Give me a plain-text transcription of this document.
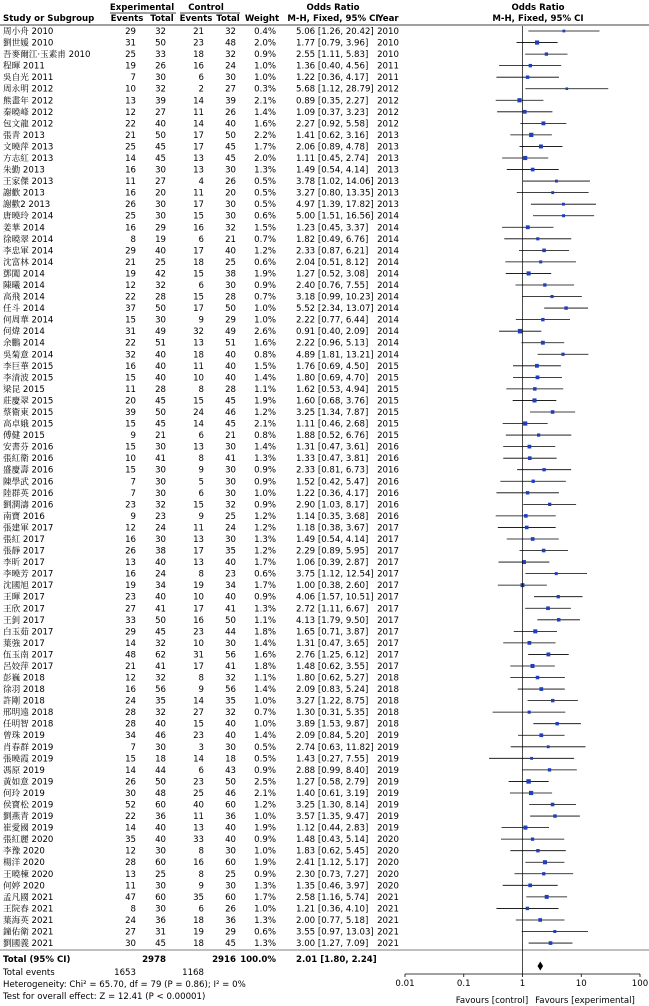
Experimental Control	Odds Ratio	Odds Ratio
Study or Subgroup Events Total Events Total Weight M-H, Fixed, 95% CI
Year	M-H, Fixed, 95% CI
周小舟 2010	29 32	21 32 0.4% 5.06 [1.26, 20.42] 2010
劉世媛 2010	31 50	23 48 2.0% 1.77 [0.79, 3.96] 2010
吾麥爾江·玉素甫 2010	25 33	18 32 0.9% 2.55 [1.11, 5.83] 2010
程暉 2011	19 26	16 24 1.0% 1.36 [0.40, 4.56] 2011
吳自光 2011	7 30	6 30 1.0% 1.22 [0.36, 4.17] 2011
周永明 2012	10 32	2 27 0.3% 5.68 [1.12, 28.79] 2012
熊畫年 2012	13 39	14 39 2.1% 0.89 [0.35, 2.27] 2012
秦曉峰 2012	12 27	11 26 1.4% 1.09 [0.37, 3.23] 2012
包文龍 2012	22 40	14 40 1.6% 2.27 [0.92, 5.58] 2012
張青 2013	21 50	17 50 2.2% 1.41 [0.62, 3.16] 2013
文曉萍 2013	25 45	17 45 1.7% 2.06 [0.89, 4.78] 2013
方志紅 2013	14 45	13 45 2.0% 1.11 [0.45, 2.74] 2013
朱勤 2013	16 30	13 30 1.3% 1.49 [0.54, 4.14] 2013
王家傑 2013	11 27	4 26 0.5% 3.78 [1.02, 14.06] 2013
謝歡 2013	16 20	11 20 0.5% 3.27 [0.80, 13.35] 2013
謝歡2 2013	26 30	17 30 0.5% 4.97 [1.39, 17.82] 2013
唐曉玲 2014	25 30	15 30 0.6% 5.00 [1.51, 16.56] 2014
姜華 2014	16 29	16 32 1.5% 1.23 [0.45, 3.37] 2014
徐曉翠 2014	8 19	6 21 0.7% 1.82 [0.49, 6.76] 2014
李忠軍 2014	29 40	17 40 1.2% 2.33 [0.87, 6.21] 2014
沈富林 2014	21 25	18 25 0.6% 2.04 [0.51, 8.12] 2014
鄧闖 2014	19 42	15 38 1.9% 1.27 [0.52, 3.08] 2014
陳曦 2014	12 32	6 30 0.9% 2.40 [0.76, 7.55] 2014
高飛 2014	22 28	15 28 0.7% 3.18 [0.99, 10.23] 2014
任斗 2014	37 50	17 50 1.0% 5.52 [2.34, 13.07] 2014
何周華 2014	15 30	9 29 1.0% 2.22 [0.77, 6.44] 2014
何煒 2014	31 49	32 49 2.6% 0.91 [0.40, 2.09] 2014
余鵬 2014	22 51	13 51 1.6% 2.22 [0.96, 5.13] 2014
吳菊意 2014	32 40	18 40 0.8% 4.89 [1.81, 13.21] 2014
李巨華 2015	16 40	11 40 1.5% 1.76 [0.69, 4.50] 2015
李清波 2015	15 40	10 40 1.4% 1.80 [0.69, 4.70] 2015
梁昆 2015	11 28	8 28 1.1% 1.62 [0.53, 4.94] 2015
莊慶翠 2015	20 45	15 45 1.9% 1.60 [0.68, 3.76] 2015
蔡衛東 2015	39 50	24 46 1.2% 3.25 [1.34, 7.87] 2015
高卓娥 2015	15 45	14 45 2.1% 1.11 [0.46, 2.68] 2015
傅健 2015	9 21	6 21 0.8% 1.88 [0.52, 6.76] 2015
安書芬 2016	15 30	13 30 1.4% 1.31 [0.47, 3.61] 2016
張紅衛 2016	10 41	8 41 1.3% 1.33 [0.47, 3.81] 2016
盛慶壽 2016	15 30	9 30 0.9% 2.33 [0.81, 6.73] 2016
陳學武 2016	7 30	5 30 0.9% 1.52 [0.42, 5.47] 2016
陸群英 2016	7 30	6 30 1.0% 1.22 [0.36, 4.17] 2016
劉潤濤 2016	23 32	15 32 0.9% 2.90 [1.03, 8.17] 2016
南寶 2016	9 23	9 25 1.2% 1.14 [0.35, 3.68] 2016
張建軍 2017	12 24	11 24 1.2% 1.18 [0.38, 3.67] 2017
張紅 2017	16 30	13 30 1.3% 1.49 [0.54, 4.14] 2017
張靜 2017	26 38	17 35 1.2% 2.29 [0.89, 5.95] 2017
李昕 2017	13 40	13 40 1.7% 1.06 [0.39, 2.87] 2017
李曉芳 2017	16 24	8 23 0.6% 3.75 [1.12, 12.54] 2017
沈國旭 2017	19 34	19 34 1.7% 1.00 [0.38, 2.60] 2017
王暉 2017	23 40	10 40 0.9% 4.06 [1.57, 10.51] 2017
王欣 2017	27 41	17 41 1.3% 2.72 [1.11, 6.67] 2017
王釗 2017	33 50	16 50 1.1% 4.13 [1.79, 9.50] 2017
白玉茹 2017	29 45	23 44 1.8% 1.65 [0.71, 3.87] 2017
葉強 2017	14 32	10 30 1.4% 1.31 [0.47, 3.65] 2017
伍玉南 2017	48 62	31 56 1.6% 2.76 [1.25, 6.12] 2017
呂姣萍 2017	21 41	17 41 1.8% 1.48 [0.62, 3.55] 2017
彭巍 2018	12 32	8 32 1.1% 1.80 [0.62, 5.27] 2018
徐羽 2018	16 56	9 56 1.4% 2.09 [0.83, 5.24] 2018
許剛 2018	24 35	14 35 1.0% 3.27 [1.22, 8.75] 2018
邢明遠 2018	28 32	27 32 0.7% 1.30 [0.31, 5.35] 2018
任明智 2018	28 40	15 40 1.0% 3.89 [1.53, 9.87] 2018
曾珠 2019	34 46	23 40 1.4% 2.09 [0.84, 5.20] 2019
肖春群 2019	7 30	3 30 0.5% 2.74 [0.63, 11.82] 2019
張曉霞 2019	15 18	14 18 0.5% 1.43 [0.27, 7.55] 2019
馮原 2019	14 44	6 43 0.9% 2.88 [0.99, 8.40] 2019
黃如意 2019	26 50	23 50 2.5% 1.27 [0.58, 2.79] 2019
何玲 2019	30 48	25 46 2.1% 1.40 [0.61, 3.19] 2019
侯寶松 2019	52 60	40 60 1.2% 3.25 [1.30, 8.14] 2019
劉燕青 2019	22 36	11 36 1.0% 3.57 [1.35, 9.47] 2019
崔愛國 2019	14 40	13 40 1.9% 1.12 [0.44, 2.83] 2019
張紅麗 2020	35 40	33 40 0.9% 1.48 [0.43, 5.14] 2020
李豫 2020	12 30	8 30 1.0% 1.83 [0.62, 5.45] 2020
楊洋 2020	28 60	16 60 1.9% 2.41 [1.12, 5.17] 2020
王曉棟 2020	13 25	8 25 0.9% 2.30 [0.73, 7.27] 2020
何婷 2020	11 30	9 30 1.3% 1.35 [0.46, 3.97] 2020
孟凡國 2021	47 60	35 60 1.7% 2.58 [1.16, 5.74] 2021
王院春 2021	8 30	6 26 1.0% 1.21 [0.36, 4.10] 2021
葉海英 2021	24 36	18 36 1.3% 2.00 [0.77, 5.18] 2021
鐘佑衛 2021	27 31	19 29 0.6% 3.55 [0.97, 13.03] 2021
劉國義 2021	30 45	18 45 1.3% 3.00 [1.27, 7.09] 2021
Total (95% CI)	2978	2916 100.0% 2.01 [1.80, 2.24]
Total events	1653	1168
Heterogeneity: Chi² = 65.70, df = 79 (P = 0.86); I² = 0%
Test for overall effect: Z = 12.41 (P < 0.00001)
0.01	0.1	1	10	100
Favours [control] Favours [experimental]
